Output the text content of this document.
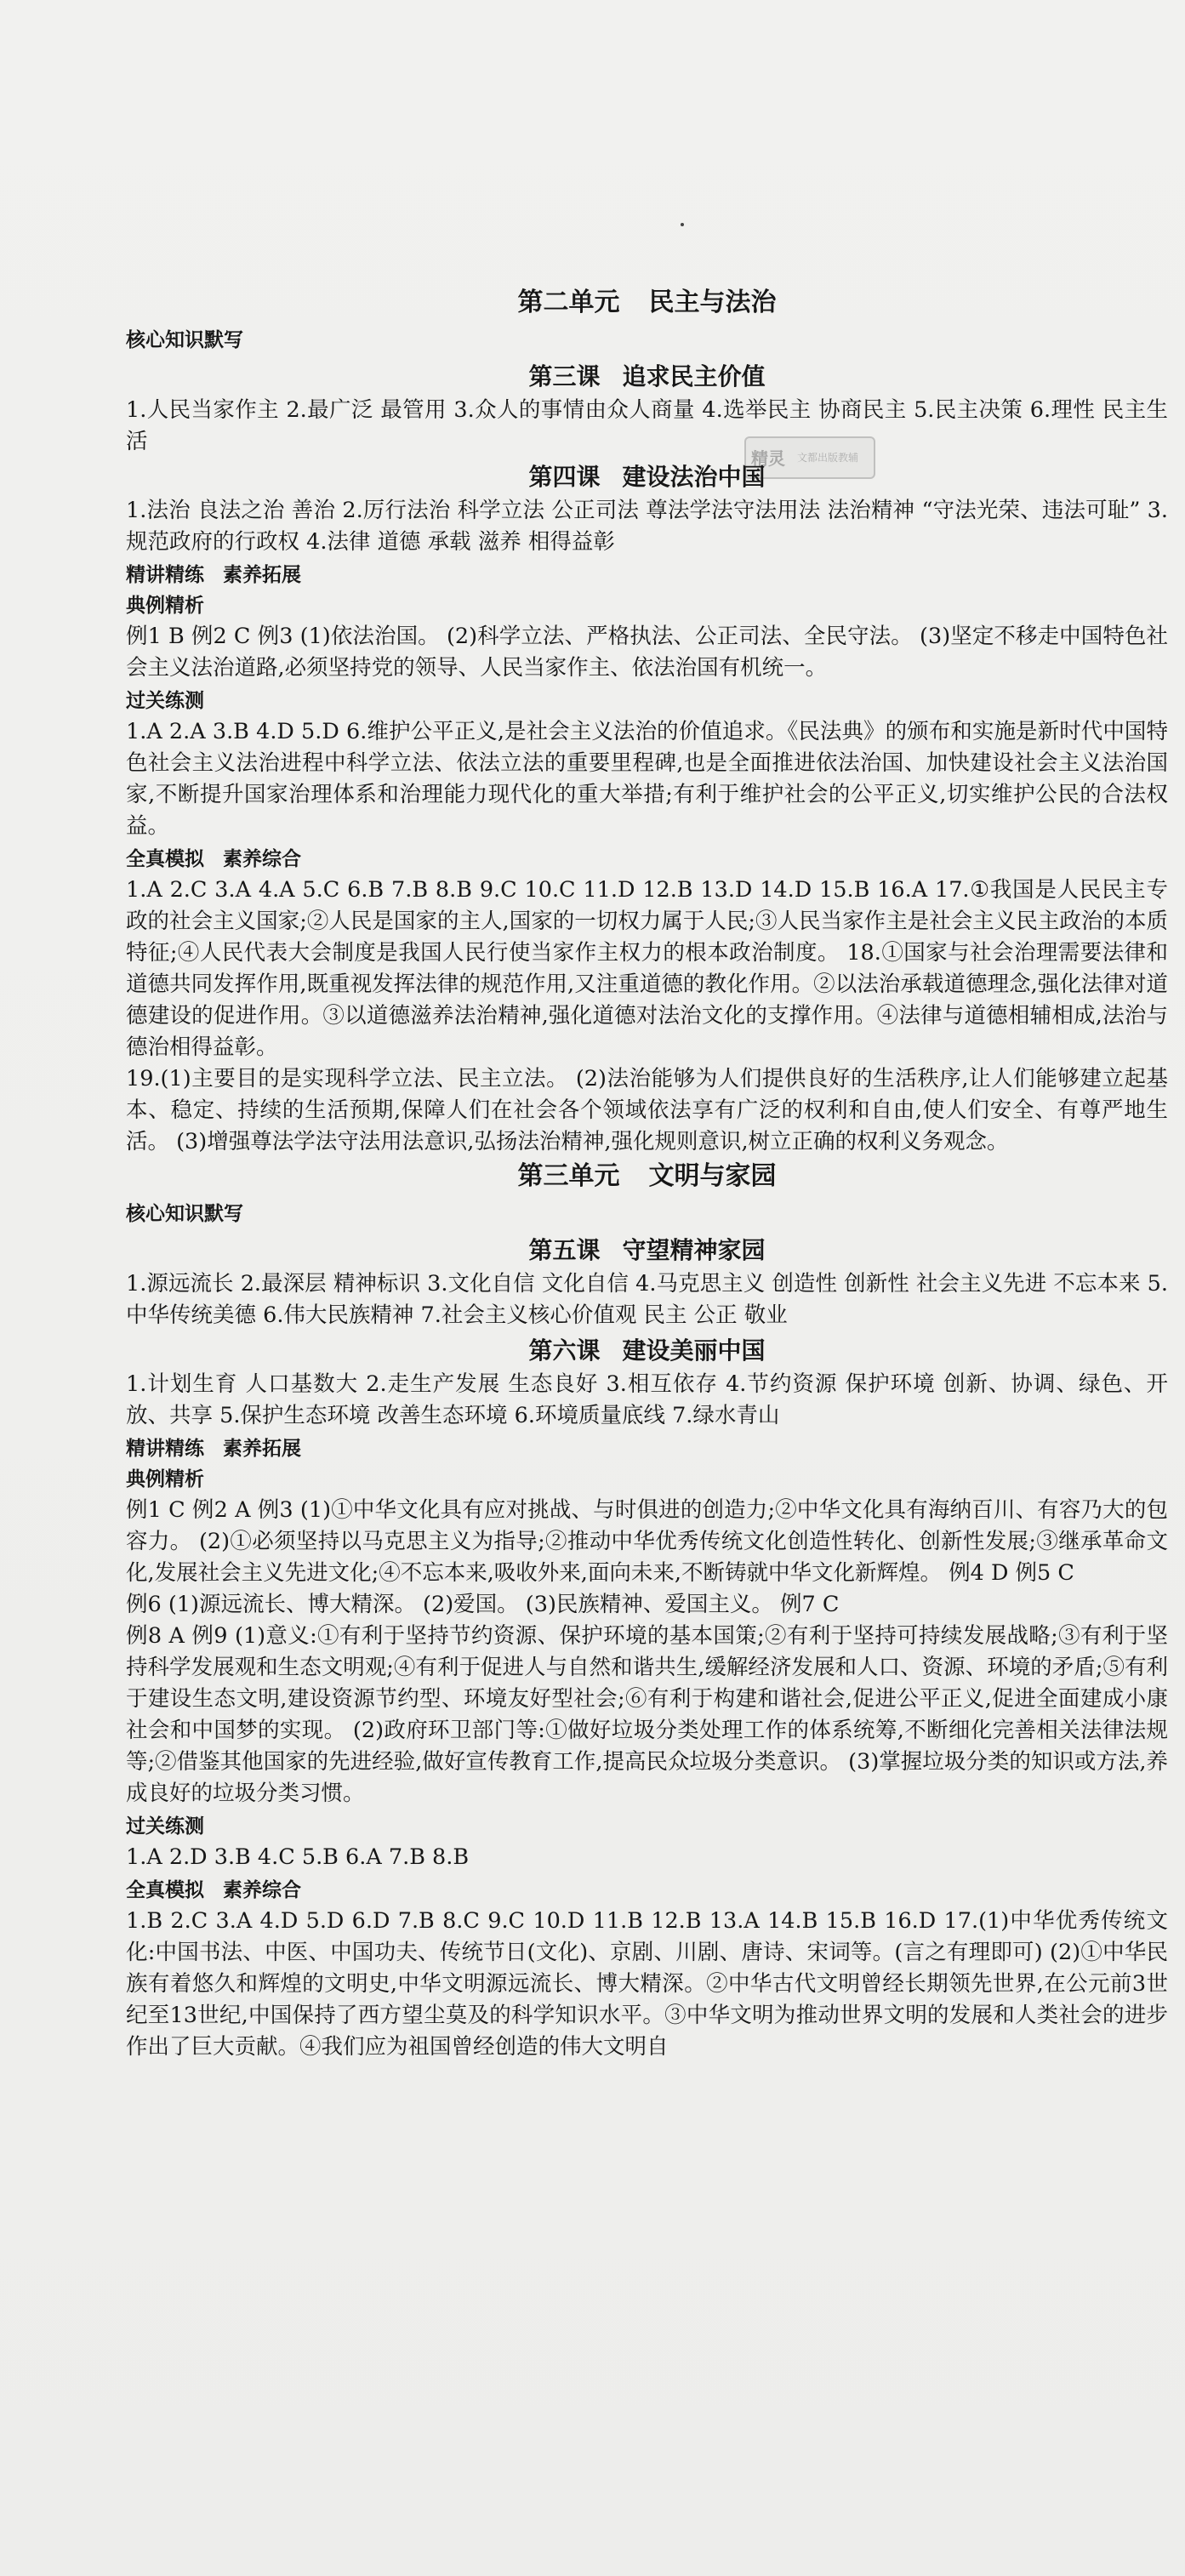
精灵 文都出版教辅
第二单元 民主与法治
核心知识默写
第三课 追求民主价值

1.人民当家作主 2.最广泛 最管用 3.众人的事情由众人商量 4.选举民主 协商民主 5.民主决策 6.理性 民主生活

第四课 建设法治中国

1.法治 良法之治 善治 2.厉行法治 科学立法 公正司法 尊法学法守法用法 法治精神 “守法光荣、违法可耻” 3.规范政府的行政权 4.法律 道德 承载 滋养 相得益彰

精讲精练 素养拓展
典例精析

例1 B 例2 C 例3 (1)依法治国。 (2)科学立法、严格执法、公正司法、全民守法。 (3)坚定不移走中国特色社会主义法治道路,必须坚持党的领导、人民当家作主、依法治国有机统一。

过关练测

1.A 2.A 3.B 4.D 5.D 6.维护公平正义,是社会主义法治的价值追求。《民法典》的颁布和实施是新时代中国特色社会主义法治进程中科学立法、依法立法的重要里程碑,也是全面推进依法治国、加快建设社会主义法治国家,不断提升国家治理体系和治理能力现代化的重大举措;有利于维护社会的公平正义,切实维护公民的合法权益。

全真模拟 素养综合

1.A 2.C 3.A 4.A 5.C 6.B 7.B 8.B 9.C 10.C 11.D 12.B 13.D 14.D 15.B 16.A 17.①我国是人民民主专政的社会主义国家;②人民是国家的主人,国家的一切权力属于人民;③人民当家作主是社会主义民主政治的本质特征;④人民代表大会制度是我国人民行使当家作主权力的根本政治制度。 18.①国家与社会治理需要法律和道德共同发挥作用,既重视发挥法律的规范作用,又注重道德的教化作用。②以法治承载道德理念,强化法律对道德建设的促进作用。③以道德滋养法治精神,强化道德对法治文化的支撑作用。④法律与道德相辅相成,法治与德治相得益彰。

19.(1)主要目的是实现科学立法、民主立法。 (2)法治能够为人们提供良好的生活秩序,让人们能够建立起基本、稳定、持续的生活预期,保障人们在社会各个领域依法享有广泛的权利和自由,使人们安全、有尊严地生活。 (3)增强尊法学法守法用法意识,弘扬法治精神,强化规则意识,树立正确的权利义务观念。

第三单元 文明与家园
核心知识默写
第五课 守望精神家园

1.源远流长 2.最深层 精神标识 3.文化自信 文化自信 4.马克思主义 创造性 创新性 社会主义先进 不忘本来 5.中华传统美德 6.伟大民族精神 7.社会主义核心价值观 民主 公正 敬业

第六课 建设美丽中国

1.计划生育 人口基数大 2.走生产发展 生态良好 3.相互依存 4.节约资源 保护环境 创新、协调、绿色、开放、共享 5.保护生态环境 改善生态环境 6.环境质量底线 7.绿水青山

精讲精练 素养拓展
典例精析

例1 C 例2 A 例3 (1)①中华文化具有应对挑战、与时俱进的创造力;②中华文化具有海纳百川、有容乃大的包容力。 (2)①必须坚持以马克思主义为指导;②推动中华优秀传统文化创造性转化、创新性发展;③继承革命文化,发展社会主义先进文化;④不忘本来,吸收外来,面向未来,不断铸就中华文化新辉煌。 例4 D 例5 C

例6 (1)源远流长、博大精深。 (2)爱国。 (3)民族精神、爱国主义。 例7 C

例8 A 例9 (1)意义:①有利于坚持节约资源、保护环境的基本国策;②有利于坚持可持续发展战略;③有利于坚持科学发展观和生态文明观;④有利于促进人与自然和谐共生,缓解经济发展和人口、资源、环境的矛盾;⑤有利于建设生态文明,建设资源节约型、环境友好型社会;⑥有利于构建和谐社会,促进公平正义,促进全面建成小康社会和中国梦的实现。 (2)政府环卫部门等:①做好垃圾分类处理工作的体系统筹,不断细化完善相关法律法规等;②借鉴其他国家的先进经验,做好宣传教育工作,提高民众垃圾分类意识。 (3)掌握垃圾分类的知识或方法,养成良好的垃圾分类习惯。

过关练测

1.A 2.D 3.B 4.C 5.B 6.A 7.B 8.B

全真模拟 素养综合

1.B 2.C 3.A 4.D 5.D 6.D 7.B 8.C 9.C 10.D 11.B 12.B 13.A 14.B 15.B 16.D 17.(1)中华优秀传统文化:中国书法、中医、中国功夫、传统节日(文化)、京剧、川剧、唐诗、宋词等。(言之有理即可) (2)①中华民族有着悠久和辉煌的文明史,中华文明源远流长、博大精深。②中华古代文明曾经长期领先世界,在公元前3世纪至13世纪,中国保持了西方望尘莫及的科学知识水平。③中华文明为推动世界文明的发展和人类社会的进步作出了巨大贡献。④我们应为祖国曾经创造的伟大文明自
